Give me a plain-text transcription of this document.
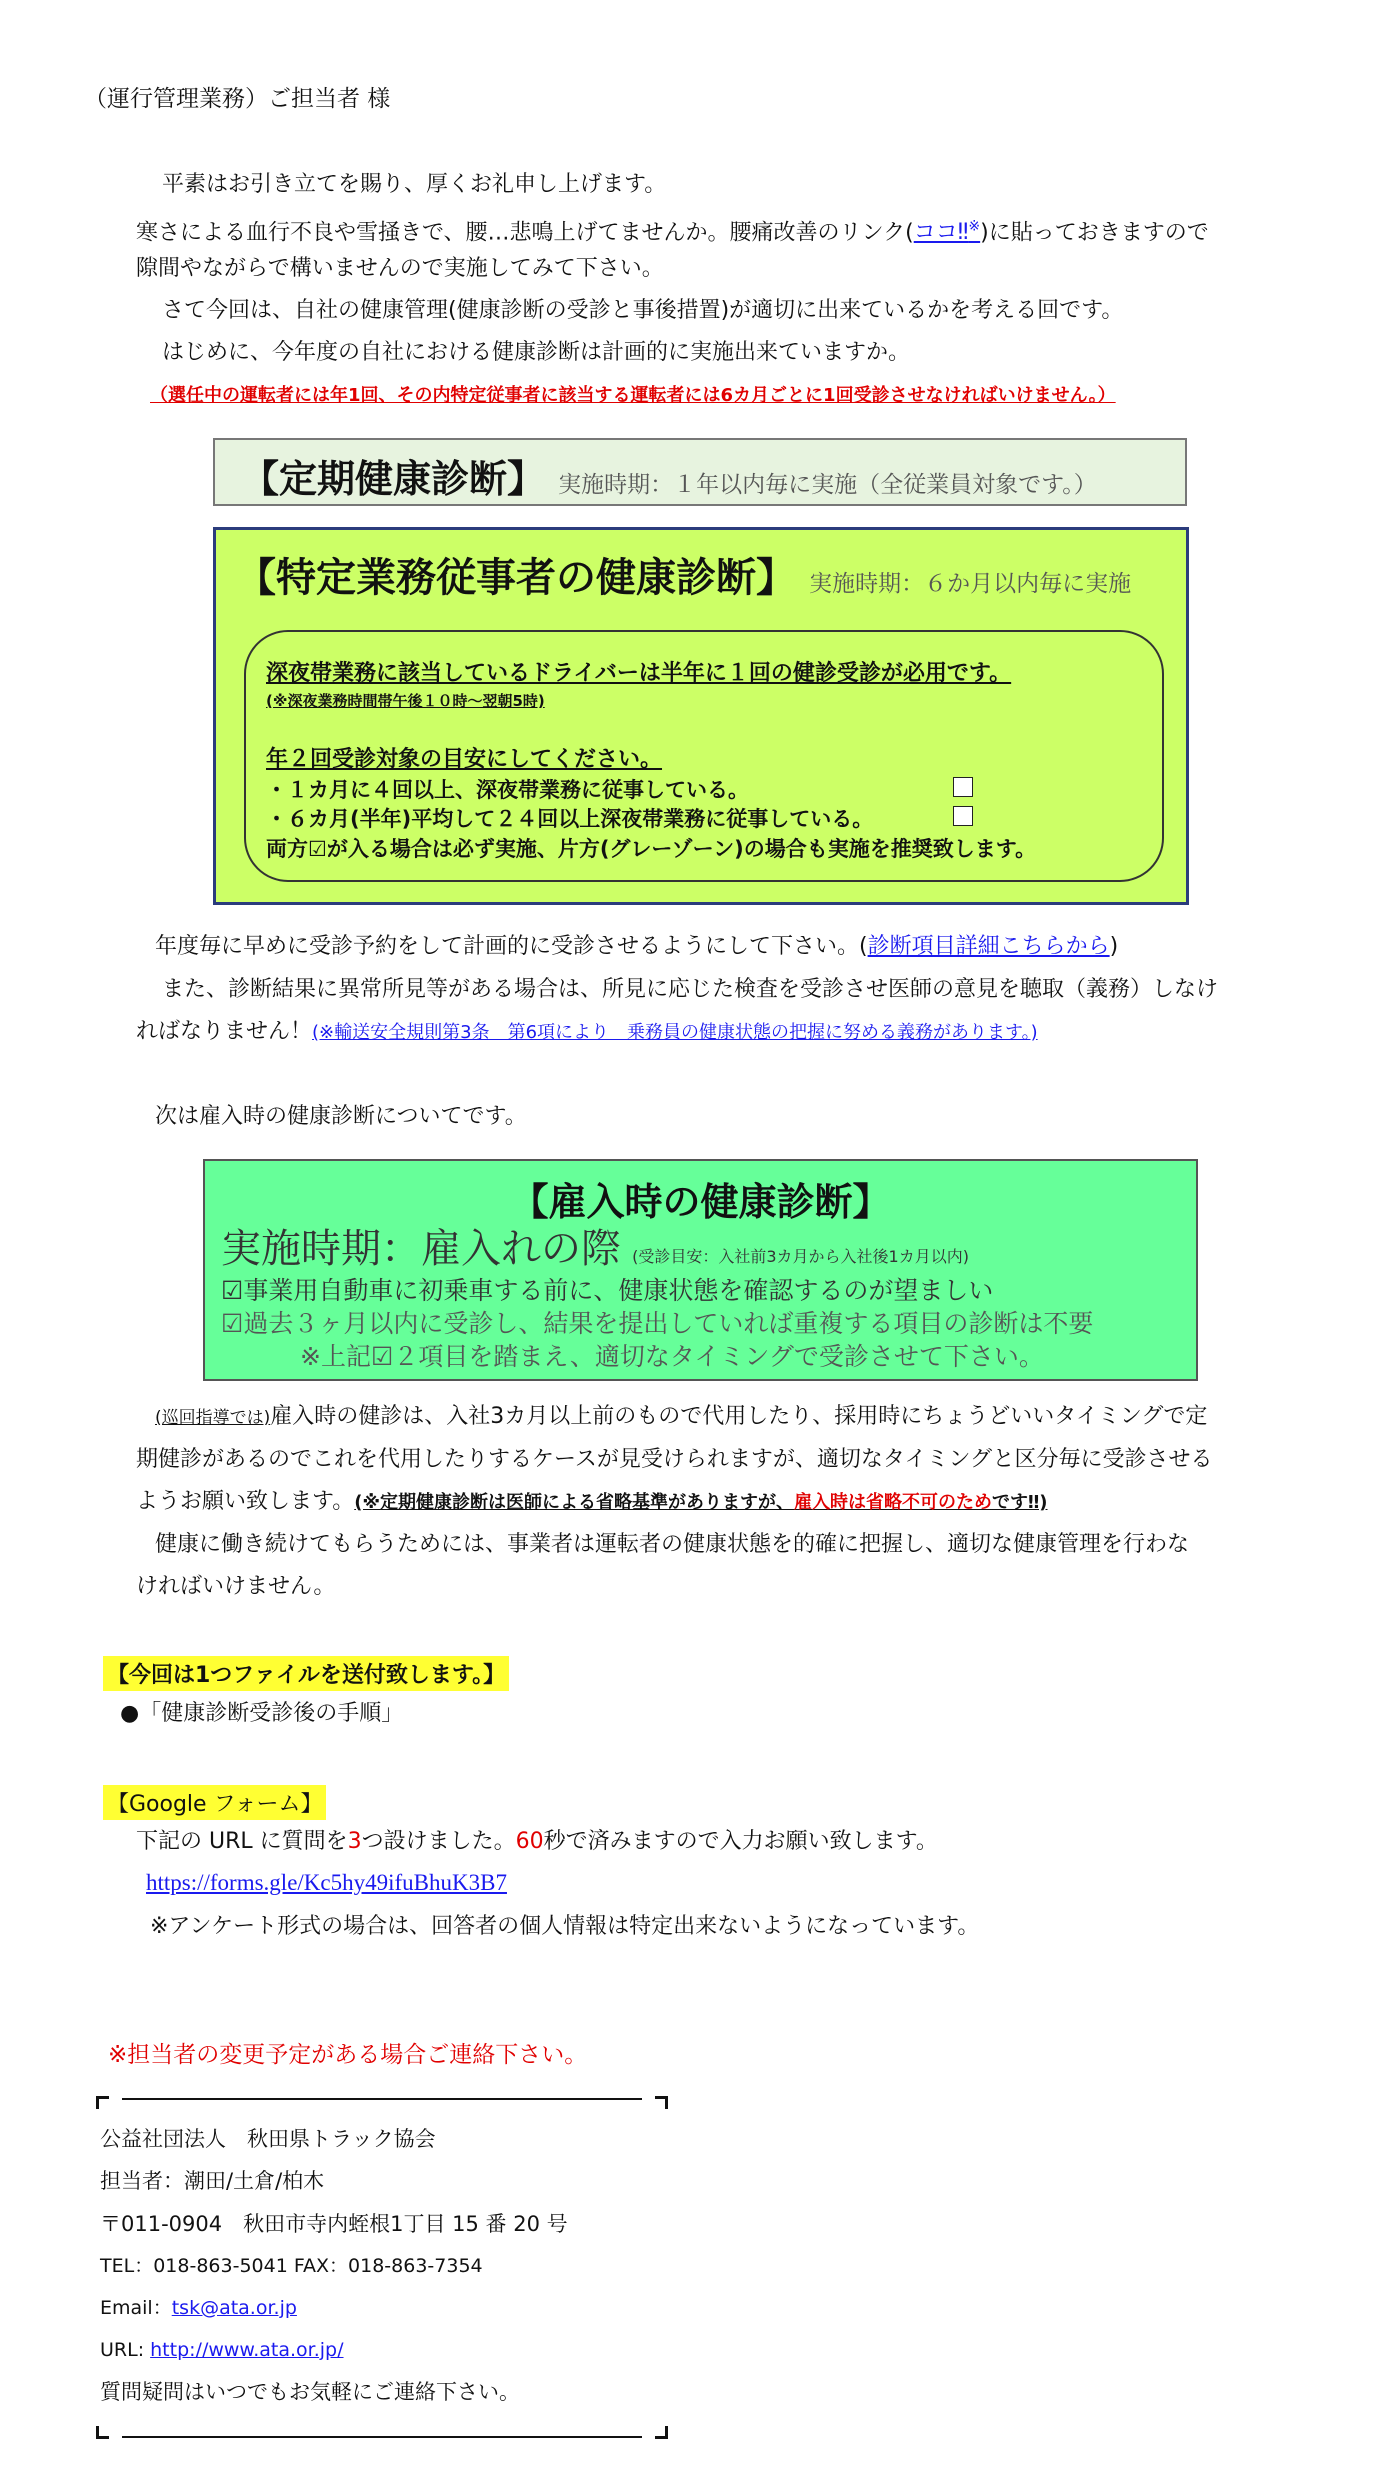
（運行管理業務）ご担当者 様
平素はお引き立てを賜り、厚くお礼申し上げます。
寒さによる血行不良や雪掻きで、腰…悲鳴上げてませんか。腰痛改善のリンク(ココ‼※)に貼っておきますので
隙間やながらで構いませんので実施してみて下さい。
さて今回は、自社の健康管理(健康診断の受診と事後措置)が適切に出来ているかを考える回です。
はじめに、今年度の自社における健康診断は計画的に実施出来ていますか。
（選任中の運転者には年1回、その内特定従事者に該当する運転者には6カ月ごとに1回受診させなければいけません。）
【定期健康診断】 実施時期：１年以内毎に実施（全従業員対象です。）
【特定業務従事者の健康診断】 実施時期：６か月以内毎に実施
深夜帯業務に該当しているドライバーは半年に１回の健診受診が必用です。
(※深夜業務時間帯午後１０時～翌朝5時)
年２回受診対象の目安にしてください。
・１カ月に４回以上、深夜帯業務に従事している。
・６カ月(半年)平均して２４回以上深夜帯業務に従事している。
両方☑が入る場合は必ず実施、片方(グレーゾーン)の場合も実施を推奨致します。
年度毎に早めに受診予約をして計画的に受診させるようにして下さい。(診断項目詳細こちらから)
また、診断結果に異常所見等がある場合は、所見に応じた検査を受診させ医師の意見を聴取（義務）しなけ
ればなりません！(※輸送安全規則第3条　第6項により　乗務員の健康状態の把握に努める義務があります。)
次は雇入時の健康診断についてです。
【雇入時の健康診断】
実施時期：雇入れの際 (受診目安：入社前3カ月から入社後1カ月以内)
☑事業用自動車に初乗車する前に、健康状態を確認するのが望ましい
☑過去３ヶ月以内に受診し、結果を提出していれば重複する項目の診断は不要
※上記☑２項目を踏まえ、適切なタイミングで受診させて下さい。
(巡回指導では)雇入時の健診は、入社3カ月以上前のもので代用したり、採用時にちょうどいいタイミングで定
期健診があるのでこれを代用したりするケースが見受けられますが、適切なタイミングと区分毎に受診させる
ようお願い致します。(※定期健康診断は医師による省略基準がありますが、雇入時は省略不可のためです‼)
健康に働き続けてもらうためには、事業者は運転者の健康状態を的確に把握し、適切な健康管理を行わな
ければいけません。
【今回は1つファイルを送付致します。】
●「健康診断受診後の手順」
【Google フォーム】
下記の URL に質問を3つ設けました。60秒で済みますので入力お願い致します。
https://forms.gle/Kc5hy49ifuBhuK3B7
※アンケート形式の場合は、回答者の個人情報は特定出来ないようになっています。
※担当者の変更予定がある場合ご連絡下さい。
公益社団法人　秋田県トラック協会
担当者：潮田/土倉/柏木
〒011-0904　秋田市寺内蛭根1丁目 15 番 20 号
TEL：018-863-5041 FAX：018-863-7354
Email：tsk@ata.or.jp
URL: http://www.ata.or.jp/
質問疑問はいつでもお気軽にご連絡下さい。
